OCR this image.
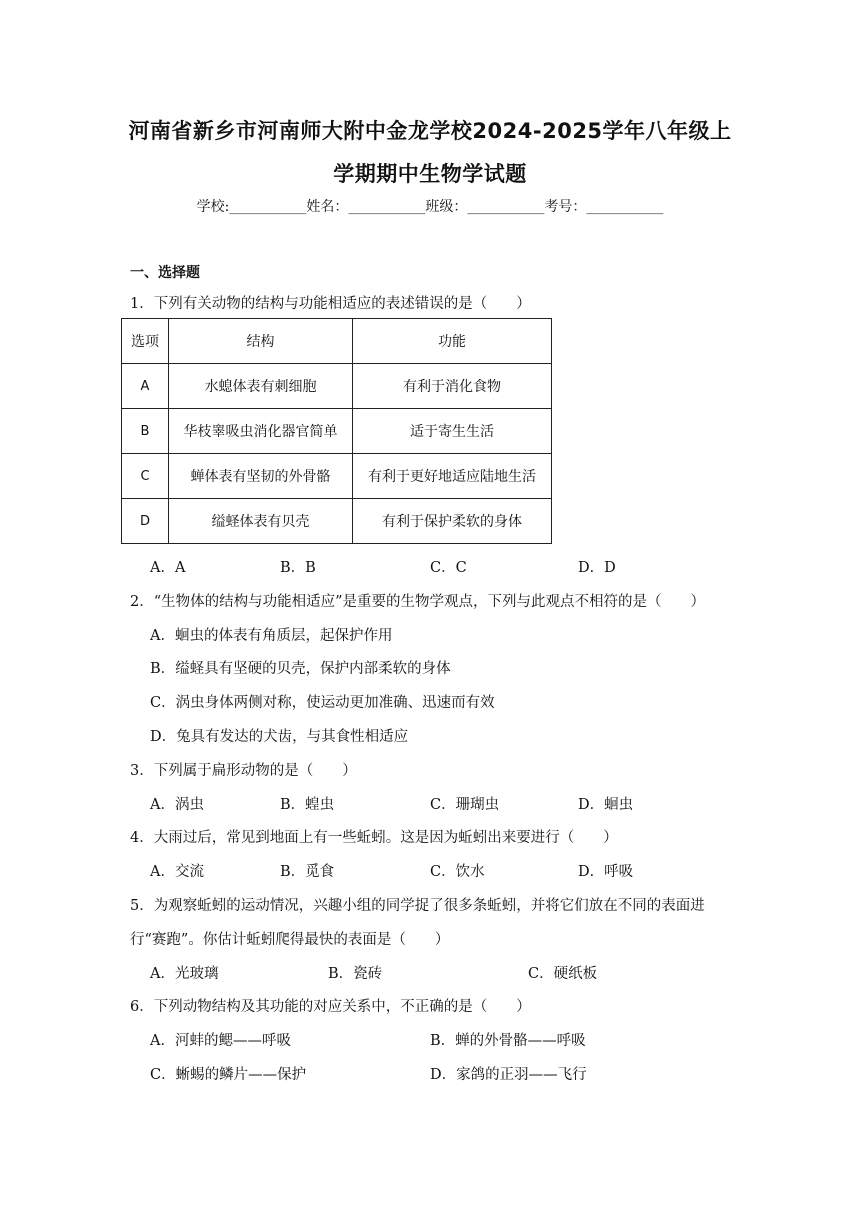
河南省新乡市河南师大附中金龙学校2024-2025学年八年级上
学期期中生物学试题
学校:___________姓名：___________班级：___________考号：___________
一、选择题
1．下列有关动物的结构与功能相适应的表述错误的是（　　）
选项	结构	功能
A	水螅体表有刺细胞	有利于消化食物
B	华枝睾吸虫消化器官简单	适于寄生生活
C	蝉体表有坚韧的外骨骼	有利于更好地适应陆地生活
D	缢蛏体表有贝壳	有利于保护柔软的身体
A．A	B．B	C．C	D．D
2．“生物体的结构与功能相适应”是重要的生物学观点，下列与此观点不相符的是（　　）
A．蛔虫的体表有角质层，起保护作用
B．缢蛏具有坚硬的贝壳，保护内部柔软的身体
C．涡虫身体两侧对称，使运动更加准确、迅速而有效
D．兔具有发达的犬齿，与其食性相适应
3．下列属于扁形动物的是（　　）
A．涡虫	B．蝗虫	C．珊瑚虫	D．蛔虫
4．大雨过后，常见到地面上有一些蚯蚓。这是因为蚯蚓出来要进行（　　）
A．交流	B．觅食	C．饮水	D．呼吸
5．为观察蚯蚓的运动情况，兴趣小组的同学捉了很多条蚯蚓，并将它们放在不同的表面进
行“赛跑”。你估计蚯蚓爬得最快的表面是（　　）
A．光玻璃	B．瓷砖	C．硬纸板
6．下列动物结构及其功能的对应关系中，不正确的是（　　）
A．河蚌的鳃——呼吸	B．蝉的外骨骼——呼吸
C．蜥蜴的鳞片——保护	D．家鸽的正羽——飞行
